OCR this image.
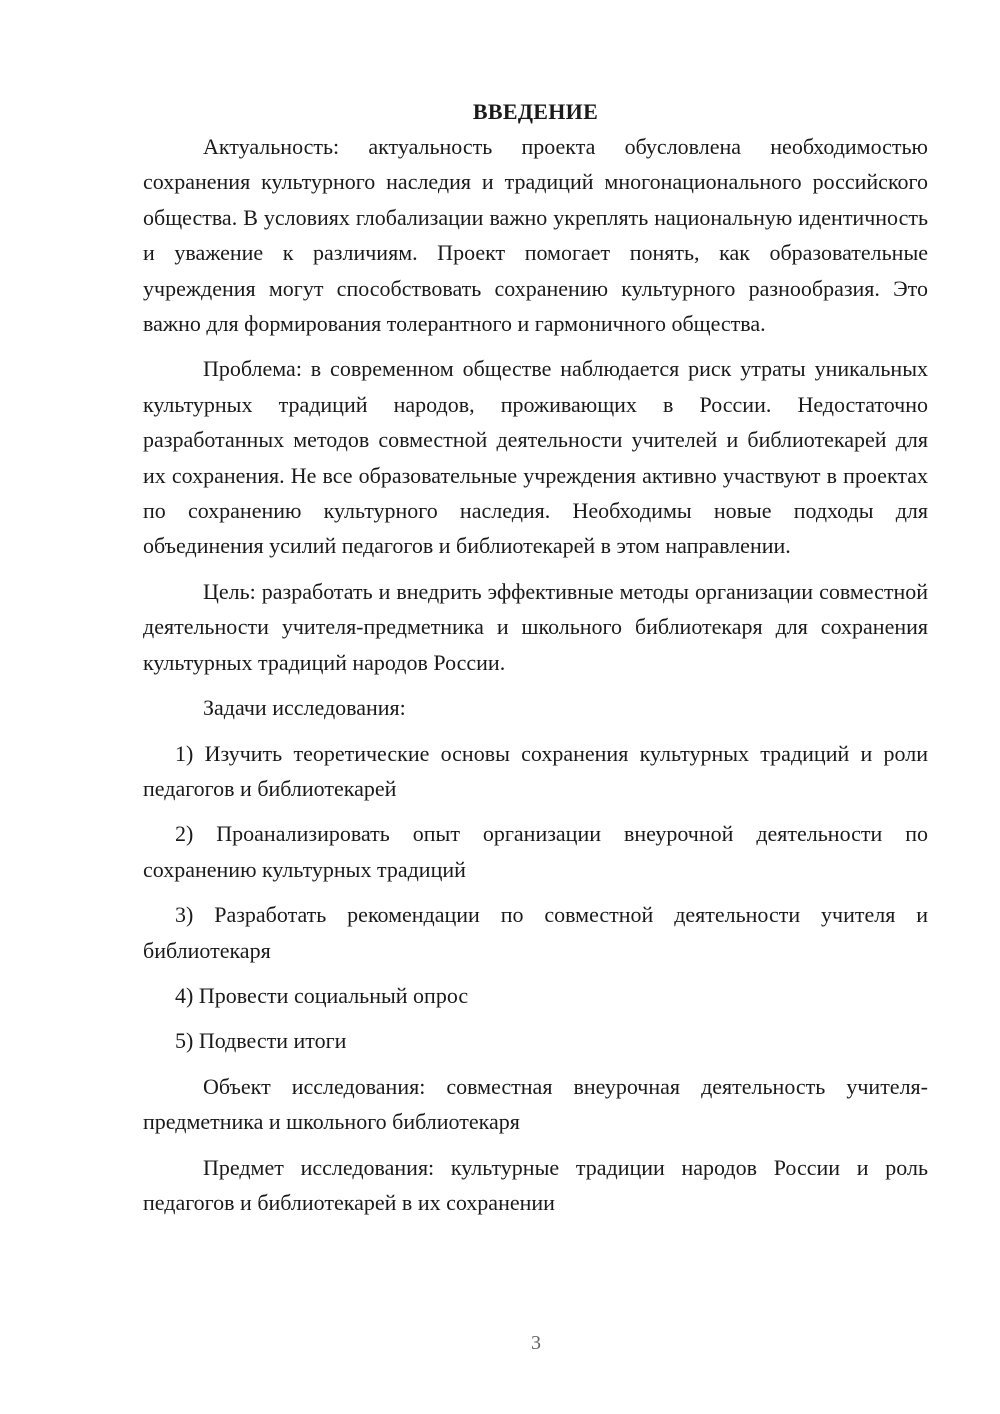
ВВЕДЕНИЕ

Актуальность: актуальность проекта обусловлена необходимостью сохранения культурного наследия и традиций многонационального российского общества. В условиях глобализации важно укреплять национальную идентичность и уважение к различиям. Проект помогает понять, как образовательные учреждения могут способствовать сохранению культурного разнообразия. Это важно для формирования толерантного и гармоничного общества.

Проблема: в современном обществе наблюдается риск утраты уникальных культурных традиций народов, проживающих в России. Недостаточно разработанных методов совместной деятельности учителей и библиотекарей для их сохранения. Не все образовательные учреждения активно участвуют в проектах по сохранению культурного наследия. Необходимы новые подходы для объединения усилий педагогов и библиотекарей в этом направлении.

Цель: разработать и внедрить эффективные методы организации совместной деятельности учителя-предметника и школьного библиотекаря для сохранения культурных традиций народов России.

Задачи исследования:

1) Изучить теоретические основы сохранения культурных традиций и роли педагогов и библиотекарей

2) Проанализировать опыт организации внеурочной деятельности по сохранению культурных традиций

3) Разработать рекомендации по совместной деятельности учителя и библиотекаря

4) Провести социальный опрос

5) Подвести итоги

Объект исследования: совместная внеурочная деятельность учителя-предметника и школьного библиотекаря

Предмет исследования: культурные традиции народов России и роль педагогов и библиотекарей в их сохранении

3
